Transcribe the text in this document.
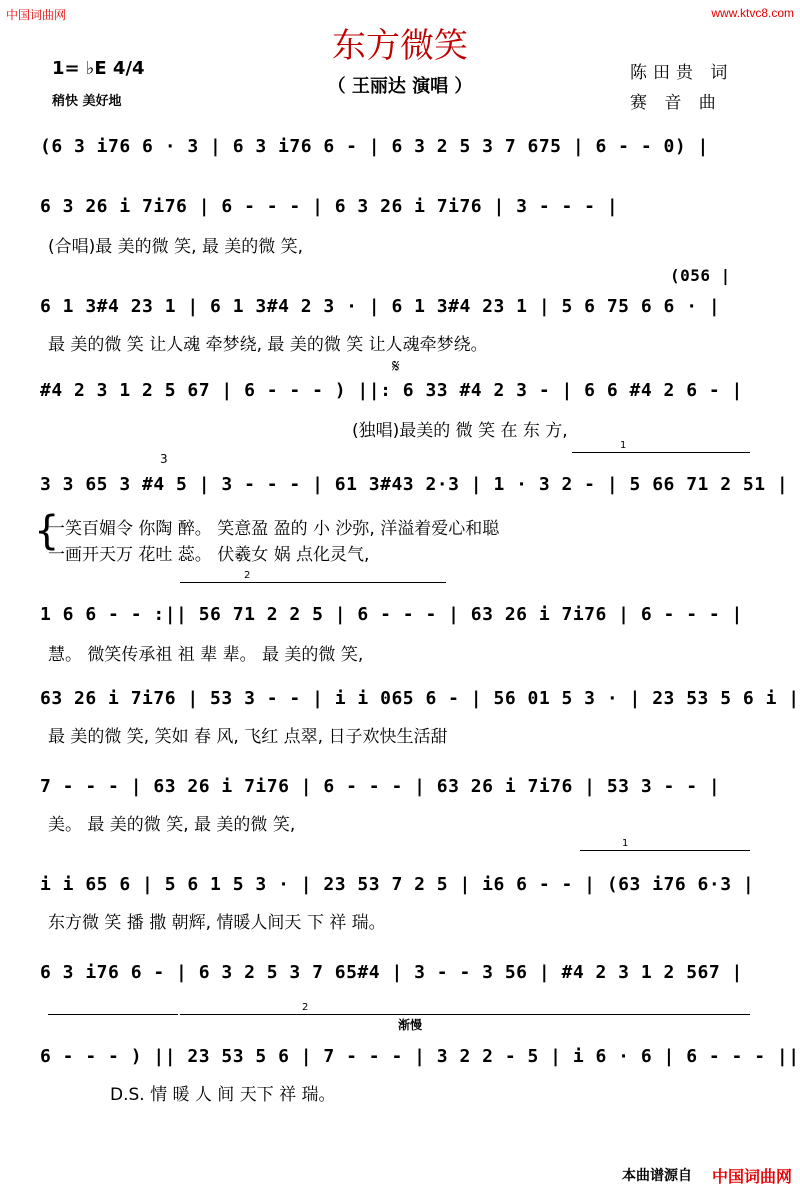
中国词曲网	www.ktvc8.com
东方微笑
（ 王丽达 演唱 ）
1= ♭E 4/4
稍快 美好地
陈田贵 词
赛 音 曲
(6 3 i76 6 · 3 | 6 3 i76 6 - | 6 3 2 5 3 7 675 | 6 - - 0) |
6 3 26 i 7i76 | 6 - - - | 6 3 26 i 7i76 | 3 - - - |
(合唱)最 美的微 笑, 最 美的微 笑,
(056 |
6 1 3#4 23 1 | 6 1 3#4 2 3 · | 6 1 3#4 23 1 | 5 6 75 6 6 · |
最 美的微 笑 让人魂 牵梦绕, 最 美的微 笑 让人魂牵梦绕。
𝄋
#4 2 3 1 2 5 67 | 6 - - - ) ||: 6 33 #4 2 3 - | 6 6 #4 2 6 - |
(独唱)最美的 微 笑 在 东 方,
1
3
3 3 65 3 #4 5 | 3 - - - | 61 3#43 2·3 | 1 · 3 2 - | 5 66 71 2 51 |
{
一笑百媚令 你陶 醉。 笑意盈 盈的 小 沙弥, 洋溢着爱心和聪
一画开天万 花吐 蕊。 伏羲女 娲 点化灵气,
2
1 6 6 - - :|| 56 71 2 2 5 | 6 - - - | 63 26 i 7i76 | 6 - - - |
慧。 微笑传承祖 祖 辈 辈。 最 美的微 笑,
63 26 i 7i76 | 53 3 - - | i i 065 6 - | 56 01 5 3 · | 23 53 5 6 i |
最 美的微 笑, 笑如 春 风, 飞红 点翠, 日子欢快生活甜
7 - - - | 63 26 i 7i76 | 6 - - - | 63 26 i 7i76 | 53 3 - - |
美。 最 美的微 笑, 最 美的微 笑,
1
i i 65 6 | 5 6 1 5 3 · | 23 53 7 2 5 | i6 6 - - | (63 i76 6·3 |
东方微 笑 播 撒 朝辉, 情暖人间天 下 祥 瑞。
6 3 i76 6 - | 6 3 2 5 3 7 65#4 | 3 - - 3 56 | #4 2 3 1 2 567 |
2
渐慢
6 - - - ) || 23 53 5 6 | 7 - - - | 3 2 2 - 5 | i 6 · 6 | 6 - - - ||
D.S. 情 暖 人 间 天下 祥 瑞。
本曲谱源自 中国词曲网
